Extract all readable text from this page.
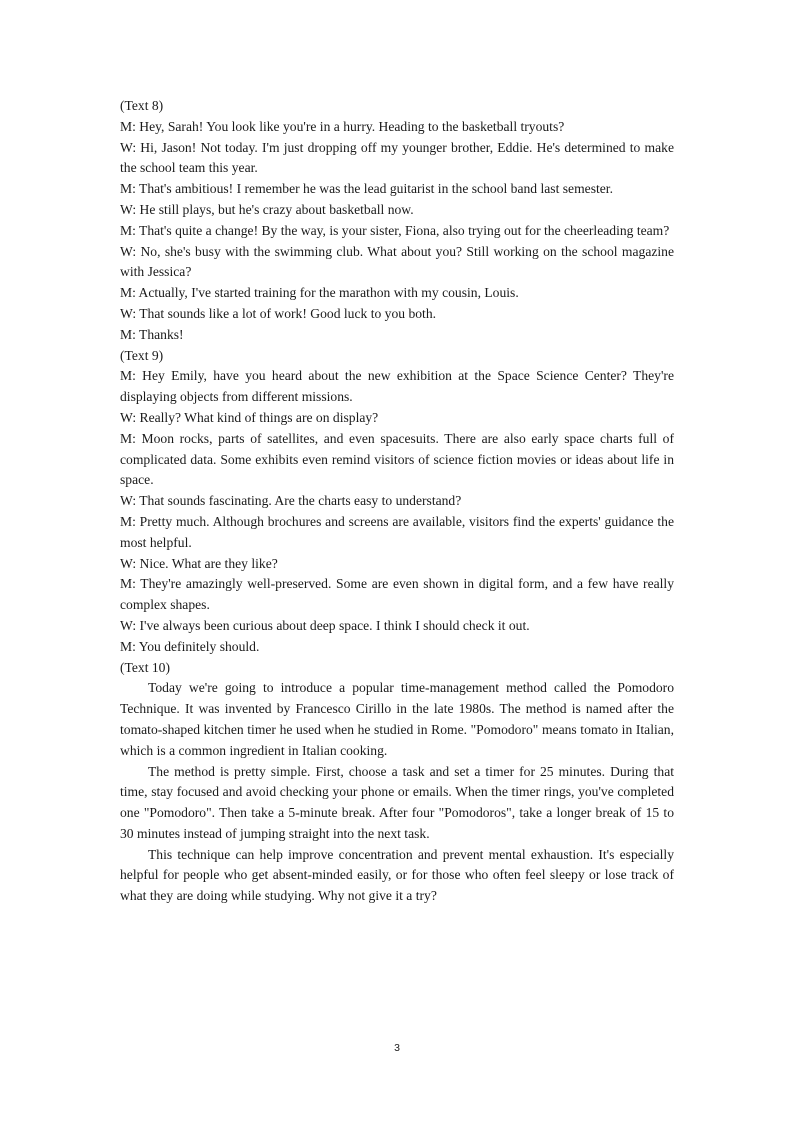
(Text 8)

M: Hey, Sarah! You look like you're in a hurry. Heading to the basketball tryouts?

W: Hi, Jason! Not today. I'm just dropping off my younger brother, Eddie. He's determined to make the school team this year.

M: That's ambitious! I remember he was the lead guitarist in the school band last semester.

W: He still plays, but he's crazy about basketball now.

M: That's quite a change! By the way, is your sister, Fiona, also trying out for the cheerleading team?

W: No, she's busy with the swimming club. What about you? Still working on the school magazine with Jessica?

M: Actually, I've started training for the marathon with my cousin, Louis.

W: That sounds like a lot of work! Good luck to you both.

M: Thanks!

(Text 9)

M: Hey Emily, have you heard about the new exhibition at the Space Science Center? They're displaying objects from different missions.

W: Really? What kind of things are on display?

M: Moon rocks, parts of satellites, and even spacesuits. There are also early space charts full of complicated data. Some exhibits even remind visitors of science fiction movies or ideas about life in space.

W: That sounds fascinating. Are the charts easy to understand?

M: Pretty much. Although brochures and screens are available, visitors find the experts' guidance the most helpful.

W: Nice. What are they like?

M: They're amazingly well-preserved. Some are even shown in digital form, and a few have really complex shapes.

W: I've always been curious about deep space. I think I should check it out.

M: You definitely should.

(Text 10)

Today we're going to introduce a popular time-management method called the Pomodoro Technique. It was invented by Francesco Cirillo in the late 1980s. The method is named after the tomato-shaped kitchen timer he used when he studied in Rome. "Pomodoro" means tomato in Italian, which is a common ingredient in Italian cooking.

The method is pretty simple. First, choose a task and set a timer for 25 minutes. During that time, stay focused and avoid checking your phone or emails. When the timer rings, you've completed one "Pomodoro". Then take a 5-minute break. After four "Pomodoros", take a longer break of 15 to 30 minutes instead of jumping straight into the next task.

This technique can help improve concentration and prevent mental exhaustion. It's especially helpful for people who get absent-minded easily, or for those who often feel sleepy or lose track of what they are doing while studying. Why not give it a try?

3
